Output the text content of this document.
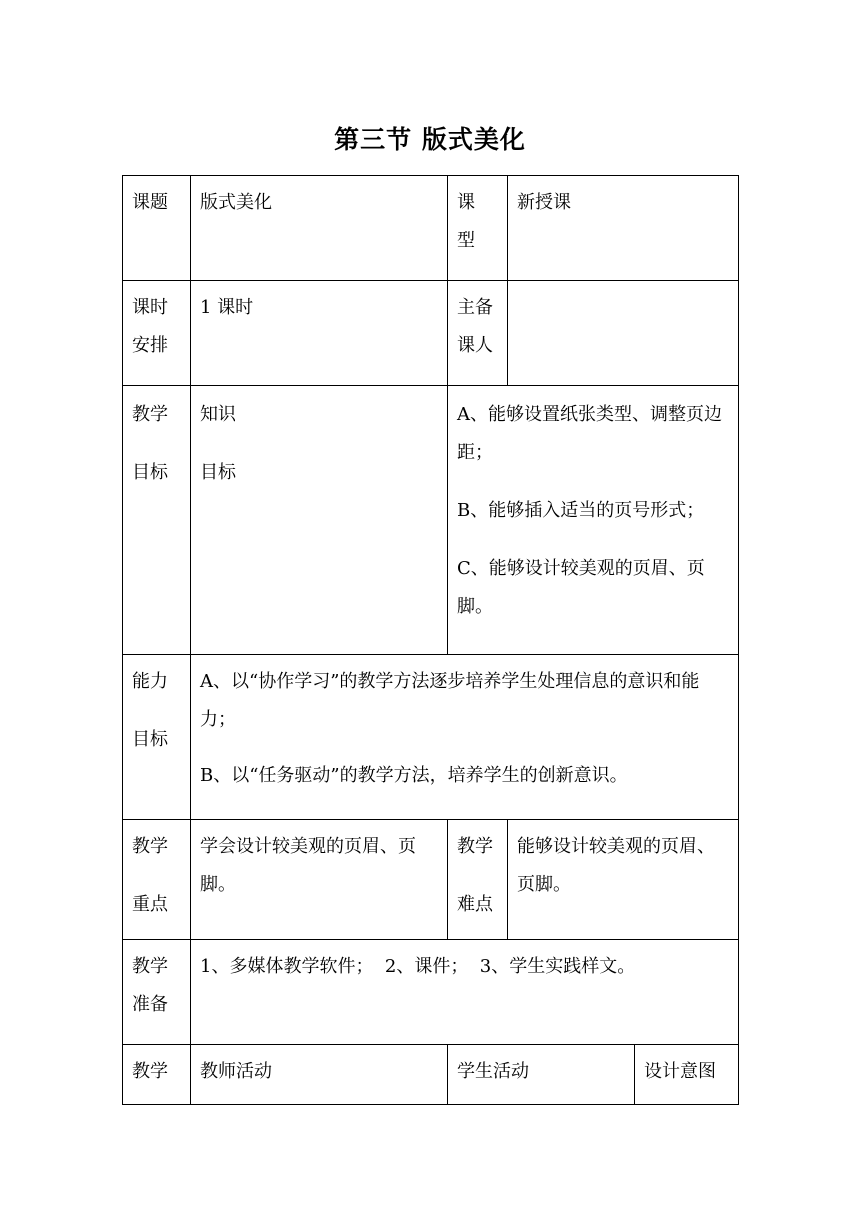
第三节 版式美化
课题	版式美化	课型	新授课	
课时安排	1 课时	主备课人		

教学目标	知识目标	A、能够设置纸张类型、调整页边距；
B、能够插入适当的页号形式；
C、能够设计较美观的页眉、页脚。		

能力目标	A、以“协作学习”的教学方法逐步培养学生处理信息的意识和能力；
B、以“任务驱动”的教学方法，培养学生的创新意识。			

教学重点	学会设计较美观的页眉、页脚。	教学难点	能够设计较美观的页眉、页脚。	
教学准备	1、多媒体教学软件；  2、课件；  3、学生实践样文。			
教学	教师活动	学生活动		设计意图
